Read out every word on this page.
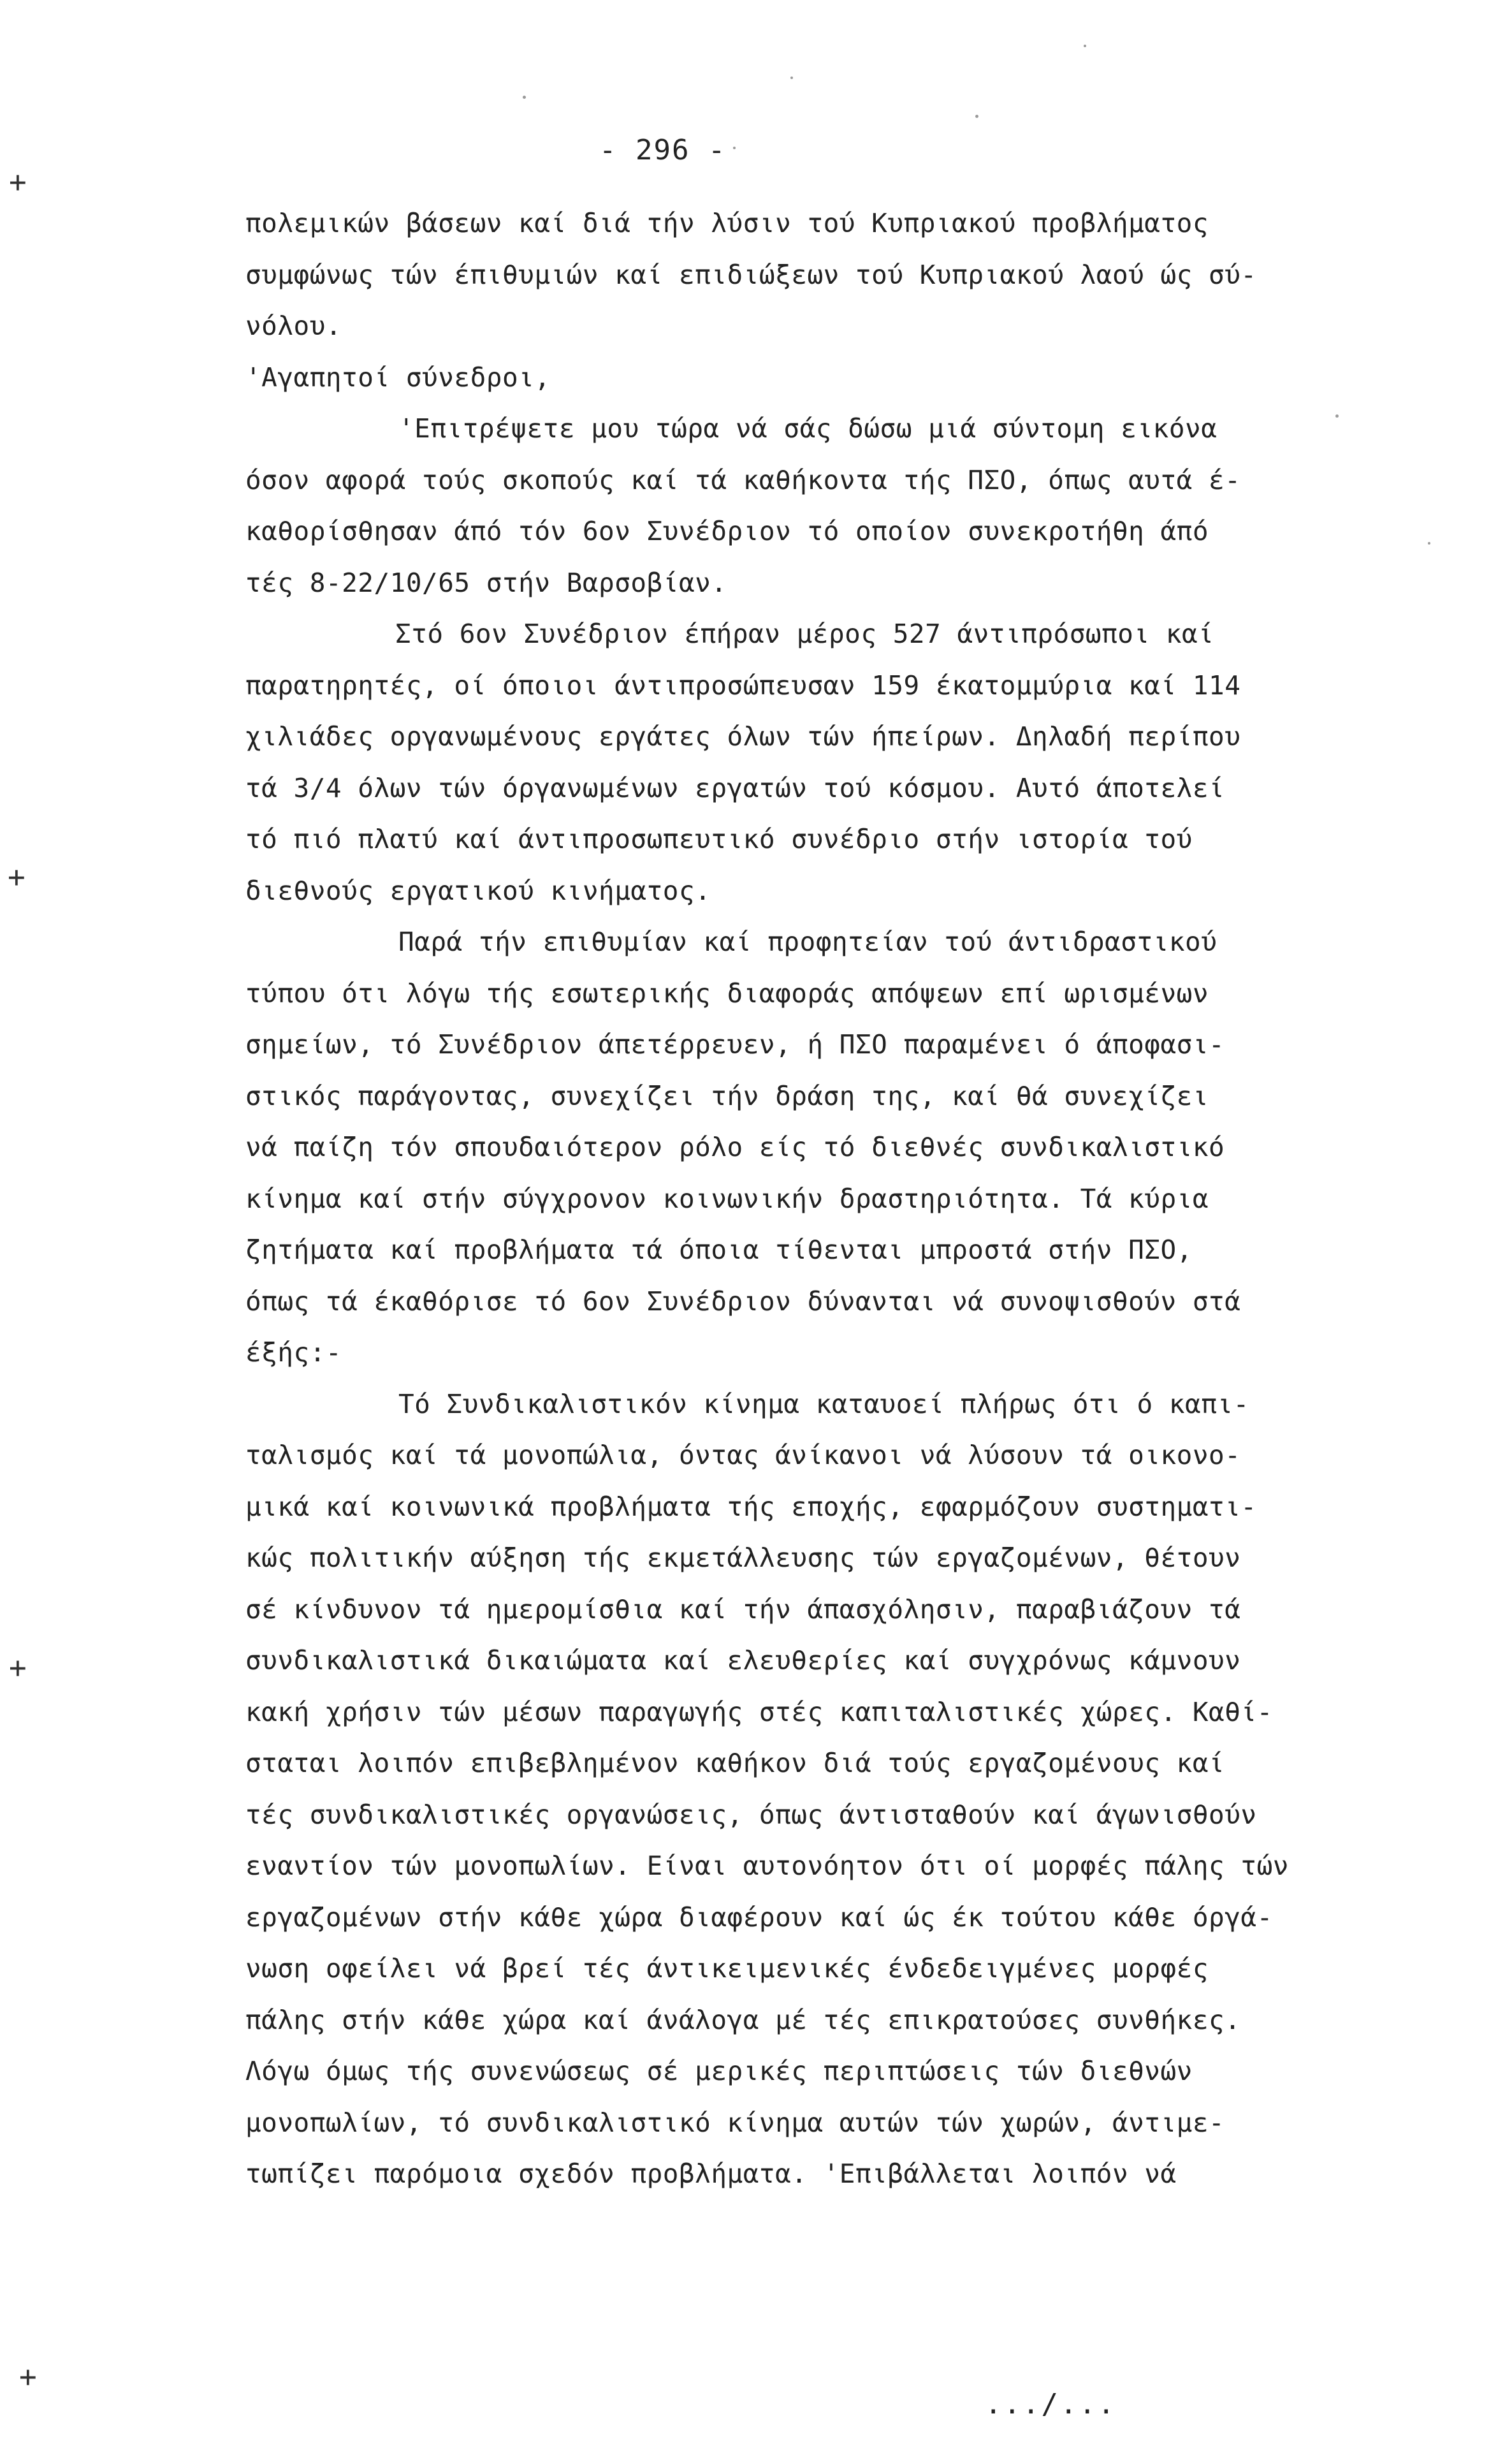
- 296 -
+
+
+
+
πολεμικών βάσεων καί διά τήν λύσιν τού Κυπριακού προβλήματος
συμφώνως τών έπιθυμιών καί επιδιώξεων τού Κυπριακού λαού ώς σύ-
νόλου.
'Αγαπητοί σύνεδροι,
'Επιτρέψετε μου τώρα νά σάς δώσω μιά σύντομη εικόνα
όσον αφορά τούς σκοπούς καί τά καθήκοντα τής ΠΣΟ, όπως αυτά έ-
καθορίσθησαν άπό τόν 6ον Συνέδριον τό οποίον συνεκροτήθη άπό
τές 8-22/10/65 στήν Βαρσοβίαν.
Στό 6ον Συνέδριον έπήραν μέρος 527 άντιπρόσωποι καί
παρατηρητές, οί όποιοι άντιπροσώπευσαν 159 έκατομμύρια καί 114
χιλιάδες οργανωμένους εργάτες όλων τών ήπείρων. Δηλαδή περίπου
τά 3/4 όλων τών όργανωμένων εργατών τού κόσμου. Αυτό άποτελεί
τό πιό πλατύ καί άντιπροσωπευτικό συνέδριο στήν ιστορία τού
διεθνούς εργατικού κινήματος.
Παρά τήν επιθυμίαν καί προφητείαν τού άντιδραστικού
τύπου ότι λόγω τής εσωτερικής διαφοράς απόψεων επί ωρισμένων
σημείων, τό Συνέδριον άπετέρρευεν, ή ΠΣΟ παραμένει ό άποφασι-
στικός παράγοντας, συνεχίζει τήν δράση της, καί θά συνεχίζει
νά παίζη τόν σπουδαιότερον ρόλο είς τό διεθνές συνδικαλιστικό
κίνημα καί στήν σύγχρονον κοινωνικήν δραστηριότητα. Τά κύρια
ζητήματα καί προβλήματα τά όποια τίθενται μπροστά στήν ΠΣΟ,
όπως τά έκαθόρισε τό 6ον Συνέδριον δύνανται νά συνοψισθούν στά
έξής:-
Τό Συνδικαλιστικόν κίνημα καταυοεί πλήρως ότι ό καπι-
ταλισμός καί τά μονοπώλια, όντας άνίκανοι νά λύσουν τά οικονο-
μικά καί κοινωνικά προβλήματα τής εποχής, εφαρμόζουν συστηματι-
κώς πολιτικήν αύξηση τής εκμετάλλευσης τών εργαζομένων, θέτουν
σέ κίνδυνον τά ημερομίσθια καί τήν άπασχόλησιν, παραβιάζουν τά
συνδικαλιστικά δικαιώματα καί ελευθερίες καί συγχρόνως κάμνουν
κακή χρήσιν τών μέσων παραγωγής στές καπιταλιστικές χώρες. Καθί-
σταται λοιπόν επιβεβλημένον καθήκον διά τούς εργαζομένους καί
τές συνδικαλιστικές οργανώσεις, όπως άντισταθούν καί άγωνισθούν
εναντίον τών μονοπωλίων. Είναι αυτονόητον ότι οί μορφές πάλης τών
εργαζομένων στήν κάθε χώρα διαφέρουν καί ώς έκ τούτου κάθε όργά-
νωση οφείλει νά βρεί τές άντικειμενικές ένδεδειγμένες μορφές
πάλης στήν κάθε χώρα καί άνάλογα μέ τές επικρατούσες συνθήκες.
Λόγω όμως τής συνενώσεως σέ μερικές περιπτώσεις τών διεθνών
μονοπωλίων, τό συνδικαλιστικό κίνημα αυτών τών χωρών, άντιμε-
τωπίζει παρόμοια σχεδόν προβλήματα. 'Επιβάλλεται λοιπόν νά
.../...
